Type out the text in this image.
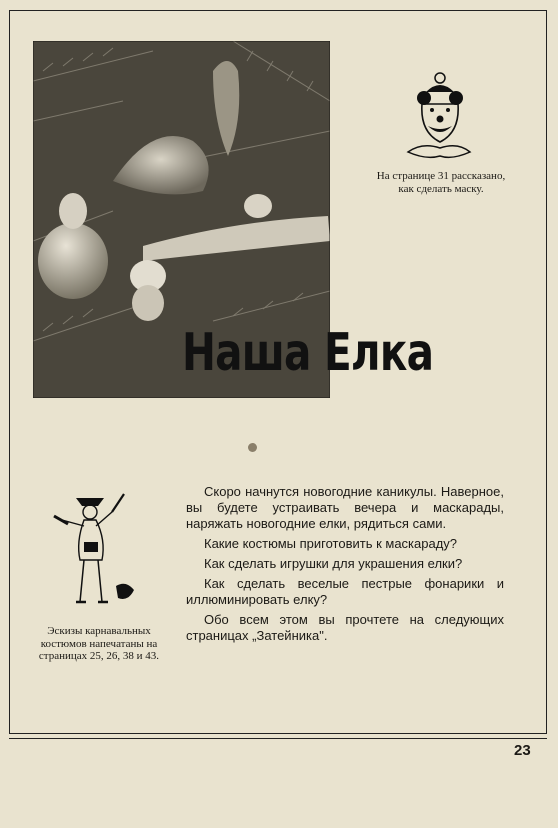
Наша Елка
На странице 31 рассказано, как сделать маску.
Эскизы карнавальных костюмов напечатаны на страницах 25, 26, 38 и 43.

Скоро начнутся новогодние каникулы. Наверное, вы будете устраивать вечера и маскарады, наряжать новогодние елки, рядиться сами.

Какие костюмы приготовить к маскараду?

Как сделать игрушки для украшения елки?

Как сделать веселые пестрые фонарики и иллюминировать елку?

Обо всем этом вы прочтете на следующих страницах „Затейника".

23
